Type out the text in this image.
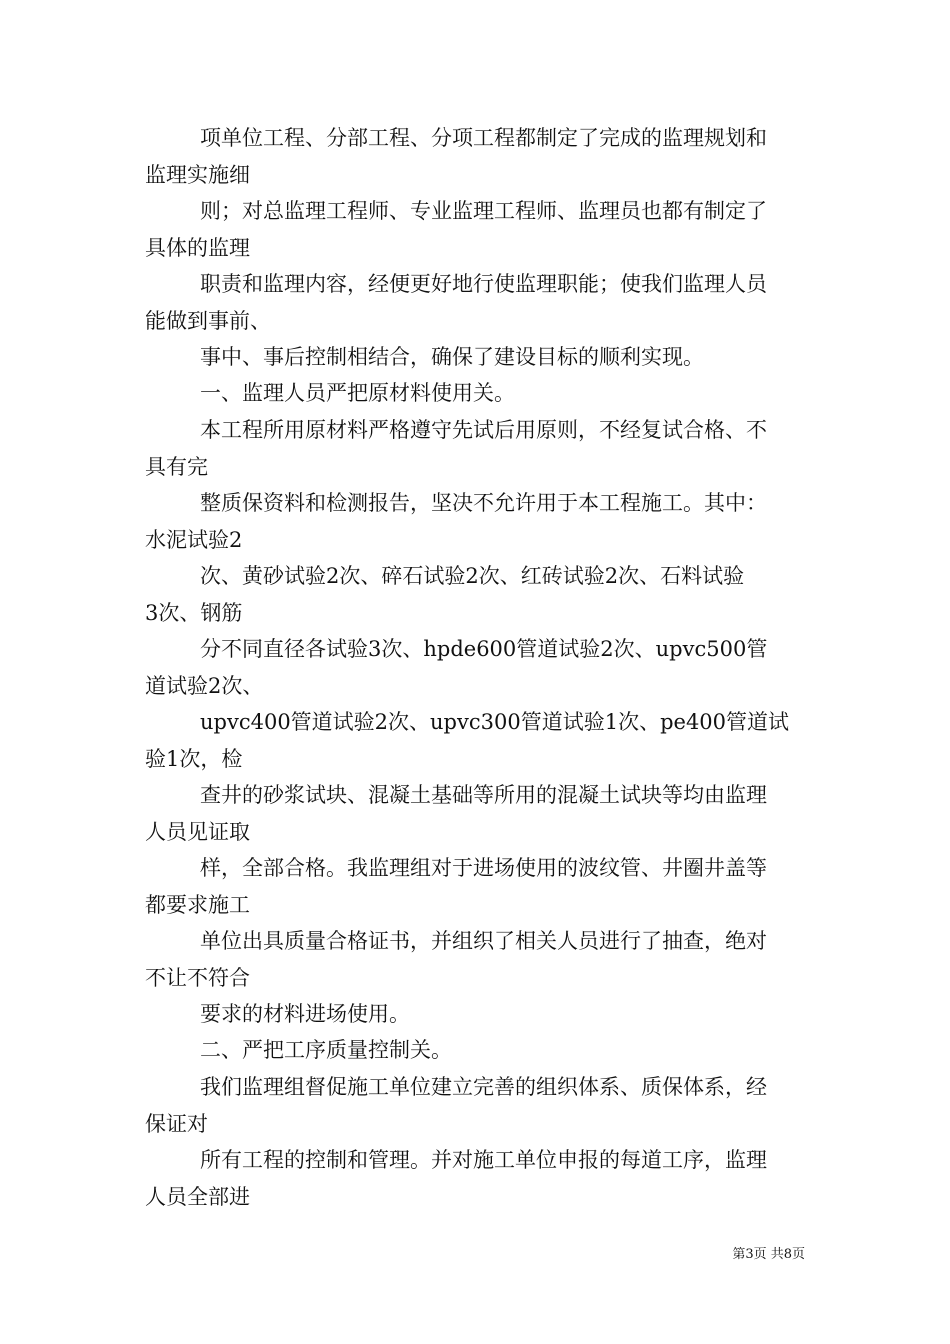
项单位工程、分部工程、分项工程都制定了完成的监理规划和
监理实施细

则；对总监理工程师、专业监理工程师、监理员也都有制定了
具体的监理

职责和监理内容，经便更好地行使监理职能；使我们监理人员
能做到事前、

事中、事后控制相结合，确保了建设目标的顺利实现。

一、监理人员严把原材料使用关。

本工程所用原材料严格遵守先试后用原则，不经复试合格、不
具有完

整质保资料和检测报告，坚决不允许用于本工程施工。其中：
水泥试验2

次、黄砂试验2次、碎石试验2次、红砖试验2次、石料试验
3次、钢筋

分不同直径各试验3次、hpde600管道试验2次、upvc500管
道试验2次、

upvc400管道试验2次、upvc300管道试验1次、pe400管道试
验1次，检

查井的砂浆试块、混凝土基础等所用的混凝土试块等均由监理
人员见证取

样，全部合格。我监理组对于进场使用的波纹管、井圈井盖等
都要求施工

单位出具质量合格证书，并组织了相关人员进行了抽查，绝对
不让不符合

要求的材料进场使用。

二、严把工序质量控制关。

我们监理组督促施工单位建立完善的组织体系、质保体系，经
保证对

所有工程的控制和管理。并对施工单位申报的每道工序，监理
人员全部进

第3页 共8页
